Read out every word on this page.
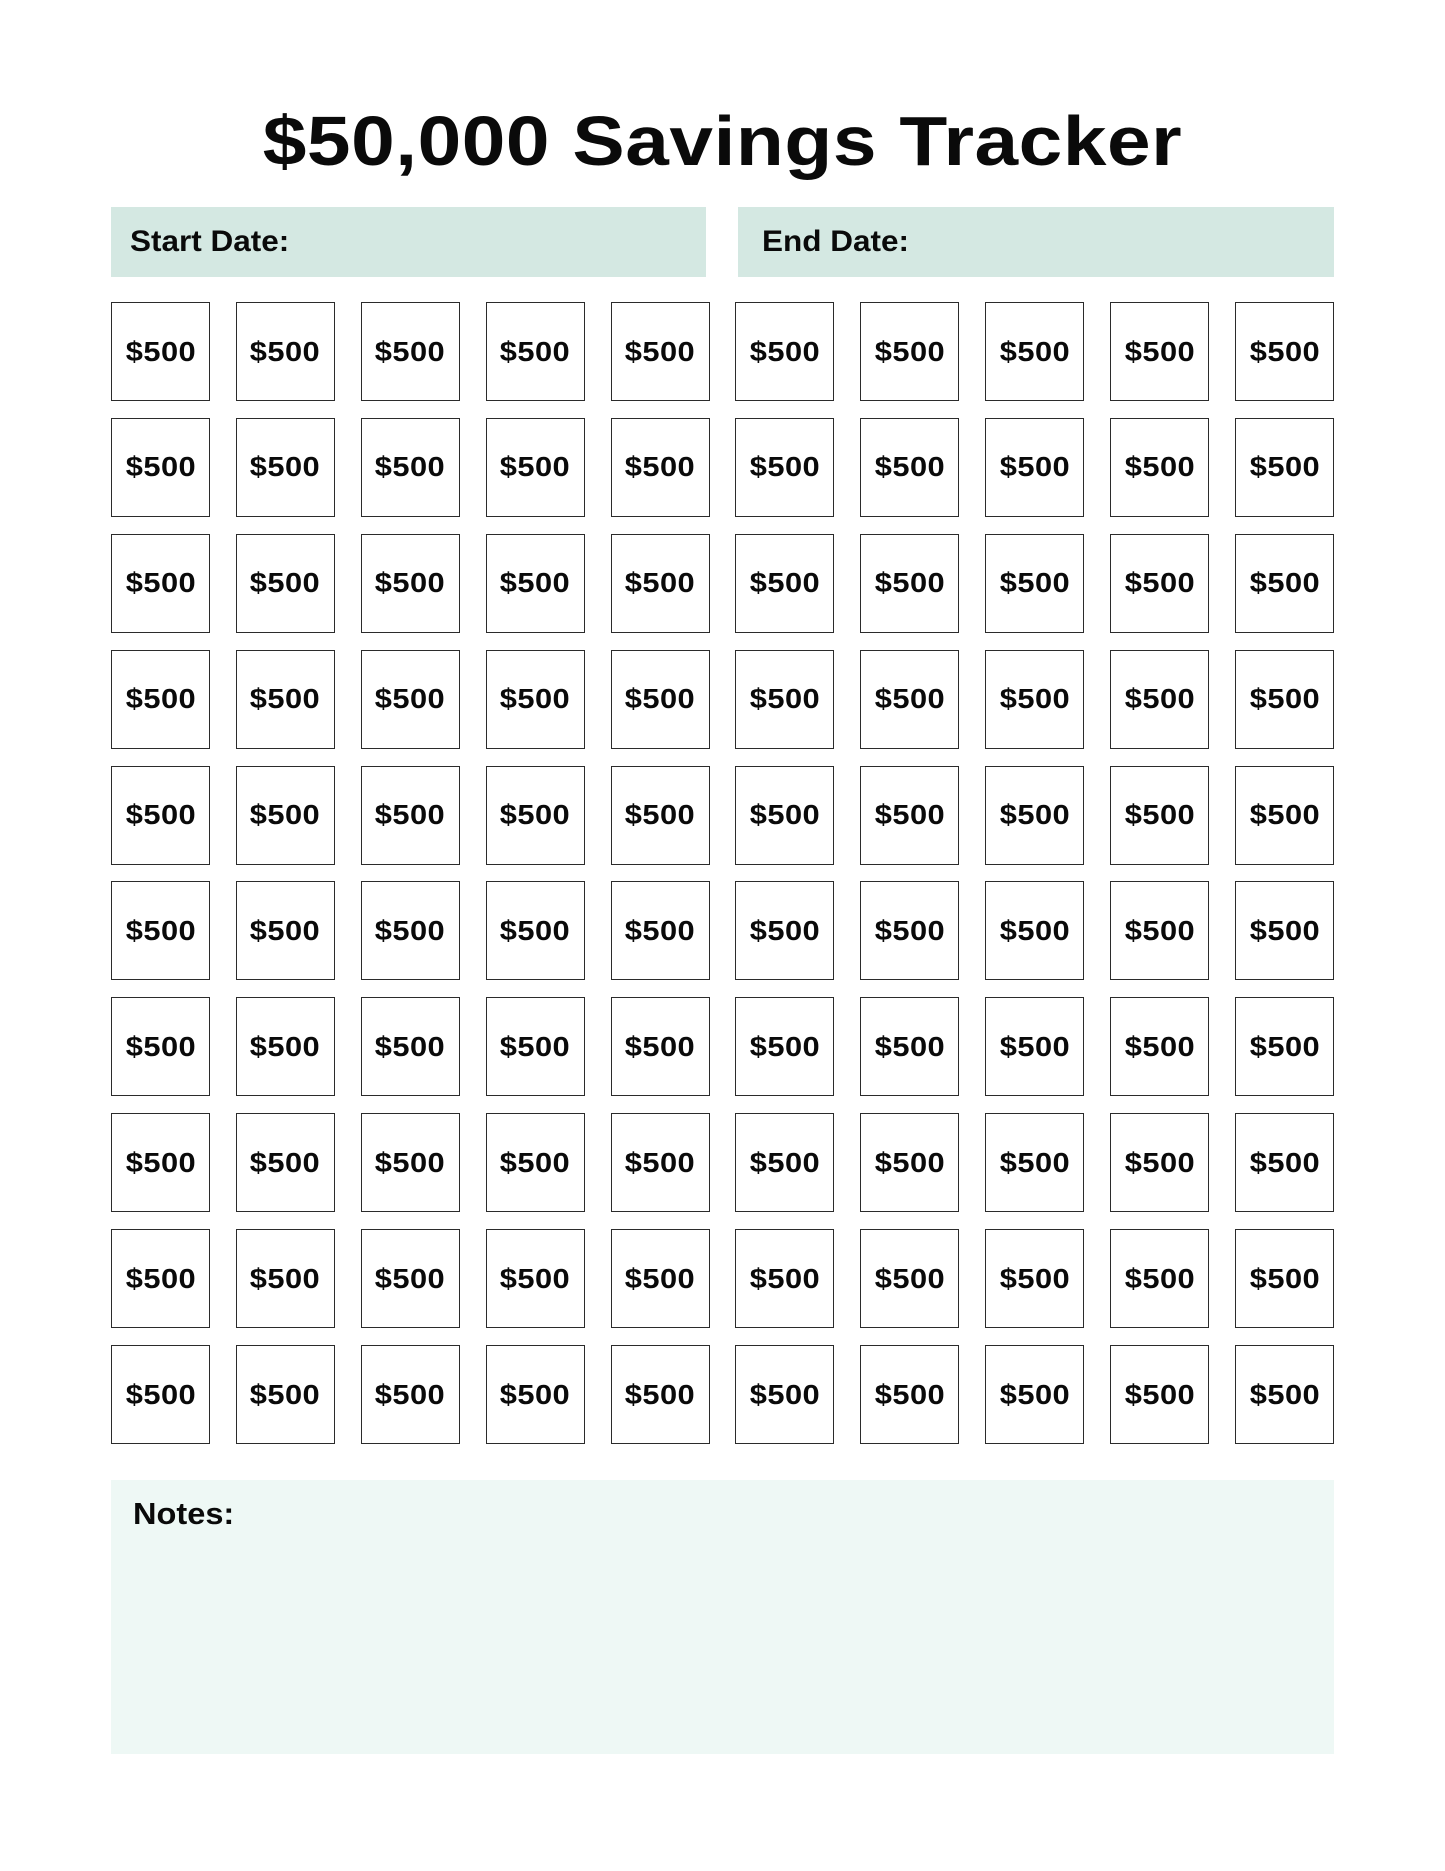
$50,000 Savings Tracker
Start Date:	End Date:
$500 $500 $500 $500 $500 $500 $500 $500 $500 $500
$500 $500 $500 $500 $500 $500 $500 $500 $500 $500
$500 $500 $500 $500 $500 $500 $500 $500 $500 $500
$500 $500 $500 $500 $500 $500 $500 $500 $500 $500
$500 $500 $500 $500 $500 $500 $500 $500 $500 $500
$500 $500 $500 $500 $500 $500 $500 $500 $500 $500
$500 $500 $500 $500 $500 $500 $500 $500 $500 $500
$500 $500 $500 $500 $500 $500 $500 $500 $500 $500
$500 $500 $500 $500 $500 $500 $500 $500 $500 $500
$500 $500 $500 $500 $500 $500 $500 $500 $500 $500
Notes:
